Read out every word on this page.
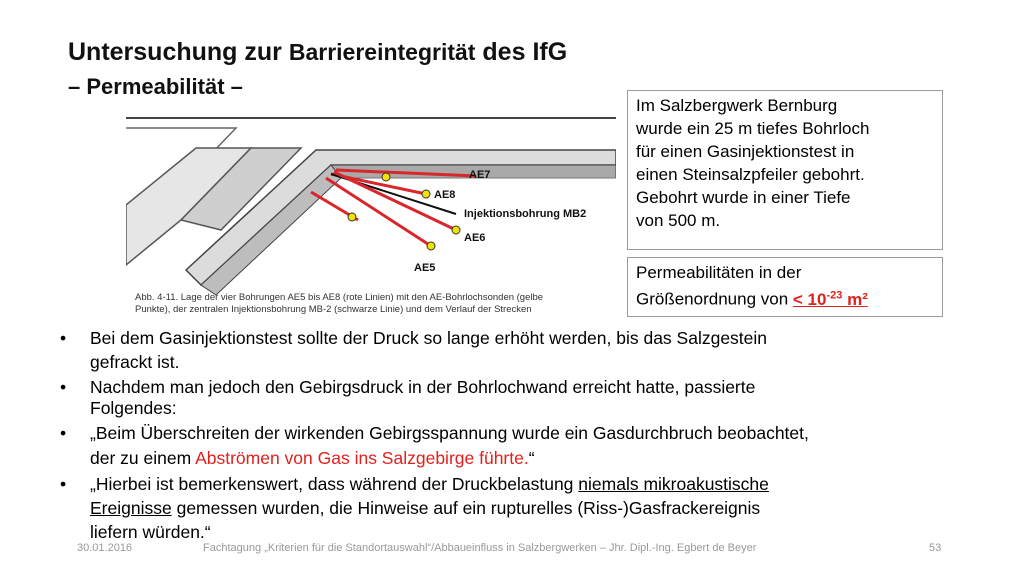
Untersuchung zur Barriereintegrität des IfG
– Permeabilität –
AE7
AE8
Injektionsbohrung MB2
AE6
AE5
Abb. 4-11. Lage der vier Bohrungen AE5 bis AE8 (rote Linien) mit den AE-Bohrlochsonden (gelbe
Punkte), der zentralen Injektionsbohrung MB-2 (schwarze Linie) und dem Verlauf der Strecken
Im Salzbergwerk Bernburg
wurde ein 25 m tiefes Bohrloch
für einen Gasinjektionstest in
einen Steinsalzpfeiler gebohrt.
Gebohrt wurde in einer Tiefe
von 500 m.
Permeabilitäten in der
Größenordnung von < $10^{-23}$ m²
• Bei dem Gasinjektionstest sollte der Druck so lange erhöht werden, bis das Salzgestein
gefrackt ist.
• Nachdem man jedoch den Gebirgsdruck in der Bohrlochwand erreicht hatte, passierte
Folgendes:
• „Beim Überschreiten der wirkenden Gebirgsspannung wurde ein Gasdurchbruch beobachtet,
der zu einem Abströmen von Gas ins Salzgebirge führte.“
• „Hierbei ist bemerkenswert, dass während der Druckbelastung niemals mikroakustische
Ereignisse gemessen wurden, die Hinweise auf ein rupturelles (Riss-)Gasfrackereignis
liefern würden.“
30.01.2016	Fachtagung „Kriterien für die Standortauswahl“/Abbaueinfluss in Salzbergwerken – Jhr. Dipl.-Ing. Egbert de Beyer	53
